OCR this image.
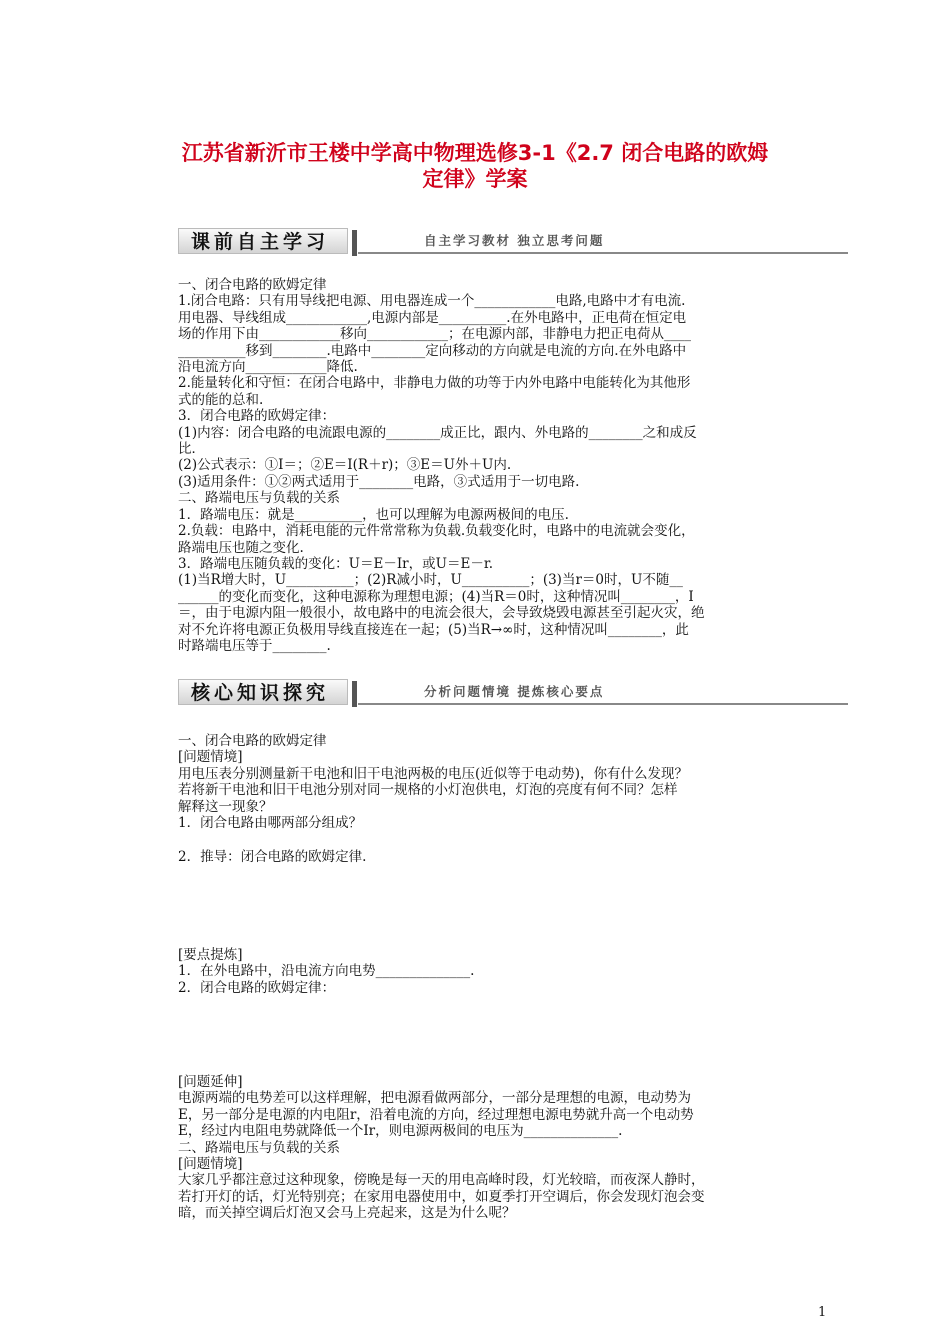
江苏省新沂市王楼中学高中物理选修3-1《2.7 闭合电路的欧姆

定律》学案

课前自主学习	自主学习教材 独立思考问题

一、闭合电路的欧姆定律

1.闭合电路：只有用导线把电源、用电器连成一个____________电路,电路中才有电流.

用电器、导线组成____________,电源内部是__________.在外电路中，正电荷在恒定电

场的作用下由____________移向____________；在电源内部，非静电力把正电荷从____

__________移到________.电路中________定向移动的方向就是电流的方向.在外电路中

沿电流方向____________降低.

2.能量转化和守恒：在闭合电路中，非静电力做的功等于内外电路中电能转化为其他形

式的能的总和.

3．闭合电路的欧姆定律：

(1)内容：闭合电路的电流跟电源的________成正比，跟内、外电路的________之和成反

比．

(2)公式表示：①I＝；②E＝I(R＋r)；③E＝U外＋U内.

(3)适用条件：①②两式适用于________电路，③式适用于一切电路.

二、路端电压与负载的关系

1．路端电压：就是__________，也可以理解为电源两极间的电压.

2.负载：电路中，消耗电能的元件常常称为负载.负载变化时，电路中的电流就会变化，

路端电压也随之变化.

3．路端电压随负载的变化：U＝E－Ir，或U＝E－r.

(1)当R增大时，U__________；(2)R减小时，U__________；(3)当r＝0时，U不随__

______的变化而变化，这种电源称为理想电源；(4)当R＝0时，这种情况叫________，I

＝，由于电源内阻一般很小，故电路中的电流会很大，会导致烧毁电源甚至引起火灾，绝

对不允许将电源正负极用导线直接连在一起；(5)当R→∞时，这种情况叫________，此

时路端电压等于________.

核心知识探究	分析问题情境 提炼核心要点

一、闭合电路的欧姆定律

[问题情境]

用电压表分别测量新干电池和旧干电池两极的电压(近似等于电动势)，你有什么发现？

若将新干电池和旧干电池分别对同一规格的小灯泡供电，灯泡的亮度有何不同？怎样

解释这一现象？

1．闭合电路由哪两部分组成？

2．推导：闭合电路的欧姆定律.

[要点提炼]

1．在外电路中，沿电流方向电势______________.

2．闭合电路的欧姆定律：

[问题延伸]

电源两端的电势差可以这样理解，把电源看做两部分，一部分是理想的电源，电动势为

E，另一部分是电源的内电阻r，沿着电流的方向，经过理想电源电势就升高一个电动势

E，经过内电阻电势就降低一个Ir，则电源两极间的电压为______________.

二、路端电压与负载的关系

[问题情境]

大家几乎都注意过这种现象，傍晚是每一天的用电高峰时段，灯光较暗，而夜深人静时，

若打开灯的话，灯光特别亮；在家用电器使用中，如夏季打开空调后，你会发现灯泡会变

暗，而关掉空调后灯泡又会马上亮起来，这是为什么呢？

1
